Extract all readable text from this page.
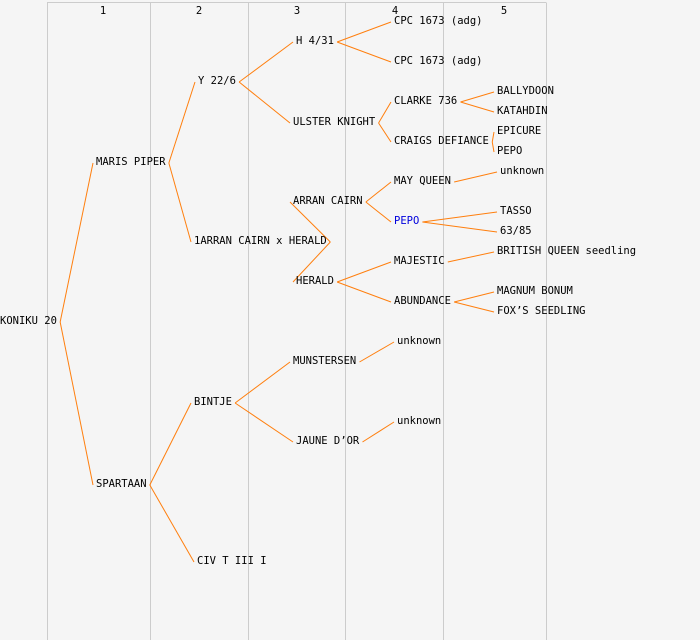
1	2	3	4	5
KONIKU 20
MARIS PIPER
SPARTAAN
Y 22/6
1ARRAN CAIRN x HERALD
BINTJE
CIV T III I
H 4/31
ULSTER KNIGHT
ARRAN CAIRN
HERALD
MUNSTERSEN
JAUNE D’OR
CPC 1673 (adg)
CPC 1673 (adg)
CLARKE 736
CRAIGS DEFIANCE
MAY QUEEN
PEPO
MAJESTIC
ABUNDANCE
unknown
unknown
BALLYDOON
KATAHDIN
EPICURE
PEPO
unknown
TASSO
63/85
BRITISH QUEEN seedling
MAGNUM BONUM
FOX’S SEEDLING
